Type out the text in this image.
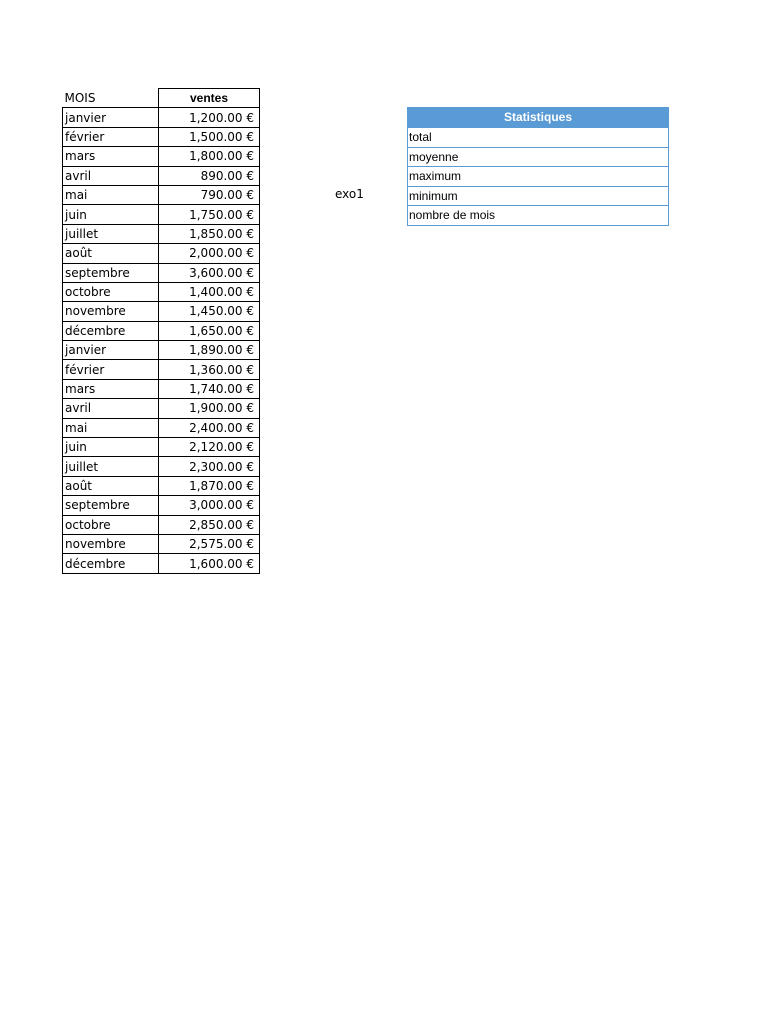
MOIS	ventes
janvier	1,200.00 €
février	1,500.00 €
mars	1,800.00 €
avril	890.00 €
mai	790.00 €
juin	1,750.00 €
juillet	1,850.00 €
août	2,000.00 €
septembre	3,600.00 €
octobre	1,400.00 €
novembre	1,450.00 €
décembre	1,650.00 €
janvier	1,890.00 €
février	1,360.00 €
mars	1,740.00 €
avril	1,900.00 €
mai	2,400.00 €
juin	2,120.00 €
juillet	2,300.00 €
août	1,870.00 €
septembre	3,000.00 €
octobre	2,850.00 €
novembre	2,575.00 €
décembre	1,600.00 €
exo1
Statistiques
total
moyenne
maximum
minimum
nombre de mois
